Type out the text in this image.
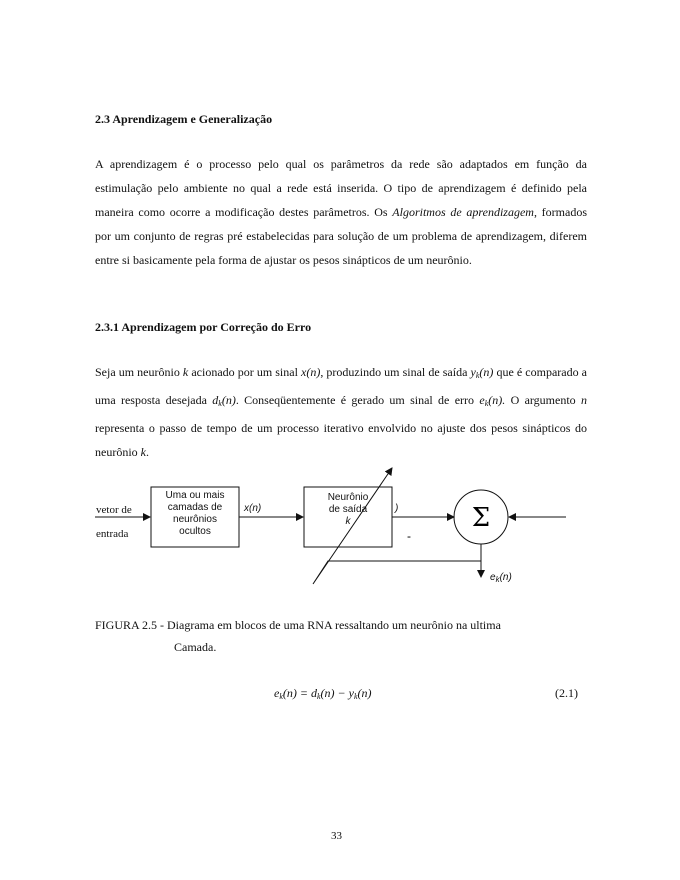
2.3 Aprendizagem e Generalização

A aprendizagem é o processo pelo qual os parâmetros da rede são adaptados em função da estimulação pelo ambiente no qual a rede está inserida. O tipo de aprendizagem é definido pela maneira como ocorre a modificação destes parâmetros. Os Algoritmos de aprendizagem, formados por um conjunto de regras pré estabelecidas para solução de um problema de aprendizagem, diferem entre si basicamente pela forma de ajustar os pesos sinápticos de um neurônio.

2.3.1 Aprendizagem por Correção do Erro

Seja um neurônio k acionado por um sinal x(n), produzindo um sinal de saída $y_k(n)$ que é comparado a uma resposta desejada $d_k(n)$. Conseqüentemente é gerado um sinal de erro $e_k(n)$. O argumento n representa o passo de tempo de um processo iterativo envolvido no ajuste dos pesos sinápticos do neurônio k.

Σ
-
vetor de
entrada
Uma ou mais
camadas de
neurônios
ocultos
x(n)
Neurônio
de saída
k
)
$e_k(n)$
FIGURA 2.5 - Diagrama em blocos de uma RNA ressaltando um neurônio na ultima
Camada.
$e_k(n) = d_k(n) - y_k(n)$	(2.1)
33
